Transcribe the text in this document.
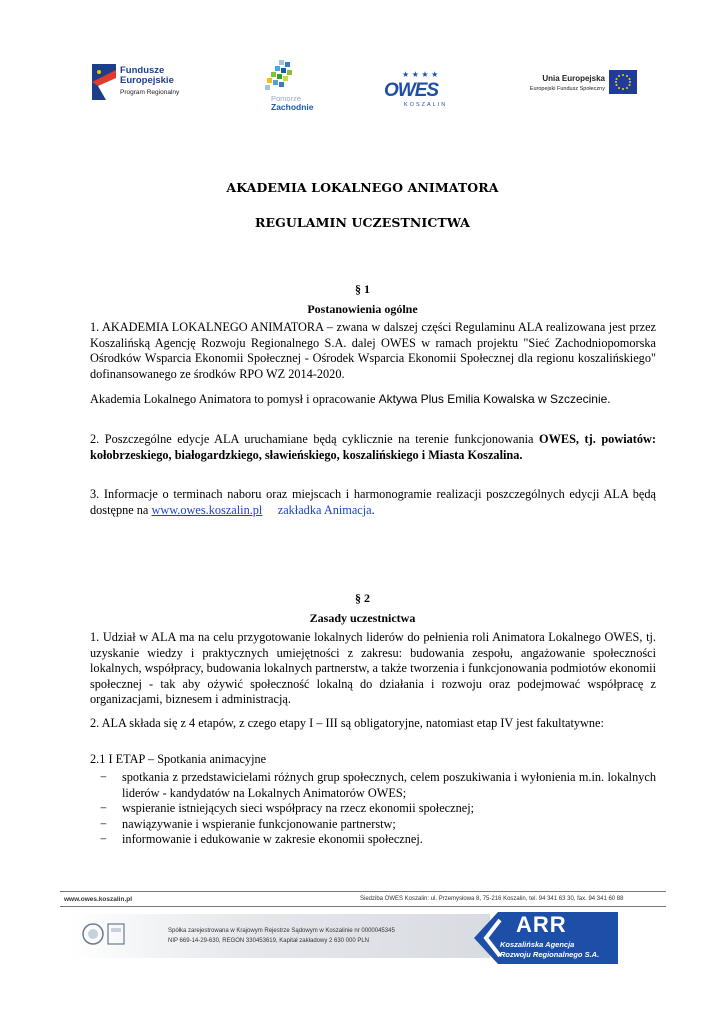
Fundusze
Europejskie
Program Regionalny
Pomorze
Zachodnie
★ ★ ★ ★
OWES
KOSZALIN
Unia Europejska
Europejski Fundusz Społeczny
AKADEMIA LOKALNEGO ANIMATORA
REGULAMIN UCZESTNICTWA
§ 1
Postanowienia ogólne
1. AKADEMIA LOKALNEGO ANIMATORA – zwana w dalszej części Regulaminu ALA realizowana jest przez Koszalińską Agencję Rozwoju Regionalnego S.A. dalej OWES w ramach projektu "Sieć Zachodniopomorska Ośrodków Wsparcia Ekonomii Społecznej - Ośrodek Wsparcia Ekonomii Społecznej dla regionu koszalińskiego" dofinansowanego ze środków RPO WZ 2014-2020.
Akademia Lokalnego Animatora to pomysł i opracowanie Aktywa Plus Emilia Kowalska w Szczecinie.
2. Poszczególne edycje ALA uruchamiane będą cyklicznie na terenie funkcjonowania OWES, tj. powiatów: kołobrzeskiego, białogardzkiego, sławieńskiego, koszalińskiego i Miasta Koszalina.
3. Informacje o terminach naboru oraz miejscach i harmonogramie realizacji poszczególnych edycji ALA będą dostępne na www.owes.koszalin.pl     zakładka Animacja.
§ 2
Zasady uczestnictwa
1. Udział w ALA ma na celu przygotowanie lokalnych liderów do pełnienia roli Animatora Lokalnego OWES, tj. uzyskanie wiedzy i praktycznych umiejętności z zakresu: budowania zespołu, angażowanie społeczności lokalnych, współpracy, budowania lokalnych partnerstw, a także tworzenia i funkcjonowania podmiotów ekonomii społecznej - tak aby ożywić społeczność lokalną do działania i rozwoju oraz podejmować współpracę z organizacjami, biznesem i administracją.
2. ALA składa się z 4 etapów, z czego etapy I – III są obligatoryjne, natomiast etap IV jest fakultatywne:
2.1 I ETAP – Spotkania animacyjne
− spotkania z przedstawicielami różnych grup społecznych, celem poszukiwania i wyłonienia m.in. lokalnych liderów - kandydatów na Lokalnych Animatorów OWES;
− wspieranie istniejących sieci współpracy na rzecz ekonomii społecznej;
− nawiązywanie i wspieranie funkcjonowanie partnerstw;
− informowanie i edukowanie w zakresie ekonomii społecznej.
www.owes.koszalin.pl	Siedziba OWES Koszalin: ul. Przemysłowa 8, 75-216 Koszalin, tel. 94 341 63 30, fax. 94 341 60 88
Spółka zarejestrowana w Krajowym Rejestrze Sądowym w Koszalinie nr 0000045345
NIP 669-14-29-630, REGON 330453619, Kapitał zakładowy 2 630 000 PLN
ARR
Koszalińska Agencja
Rozwoju Regionalnego S.A.
